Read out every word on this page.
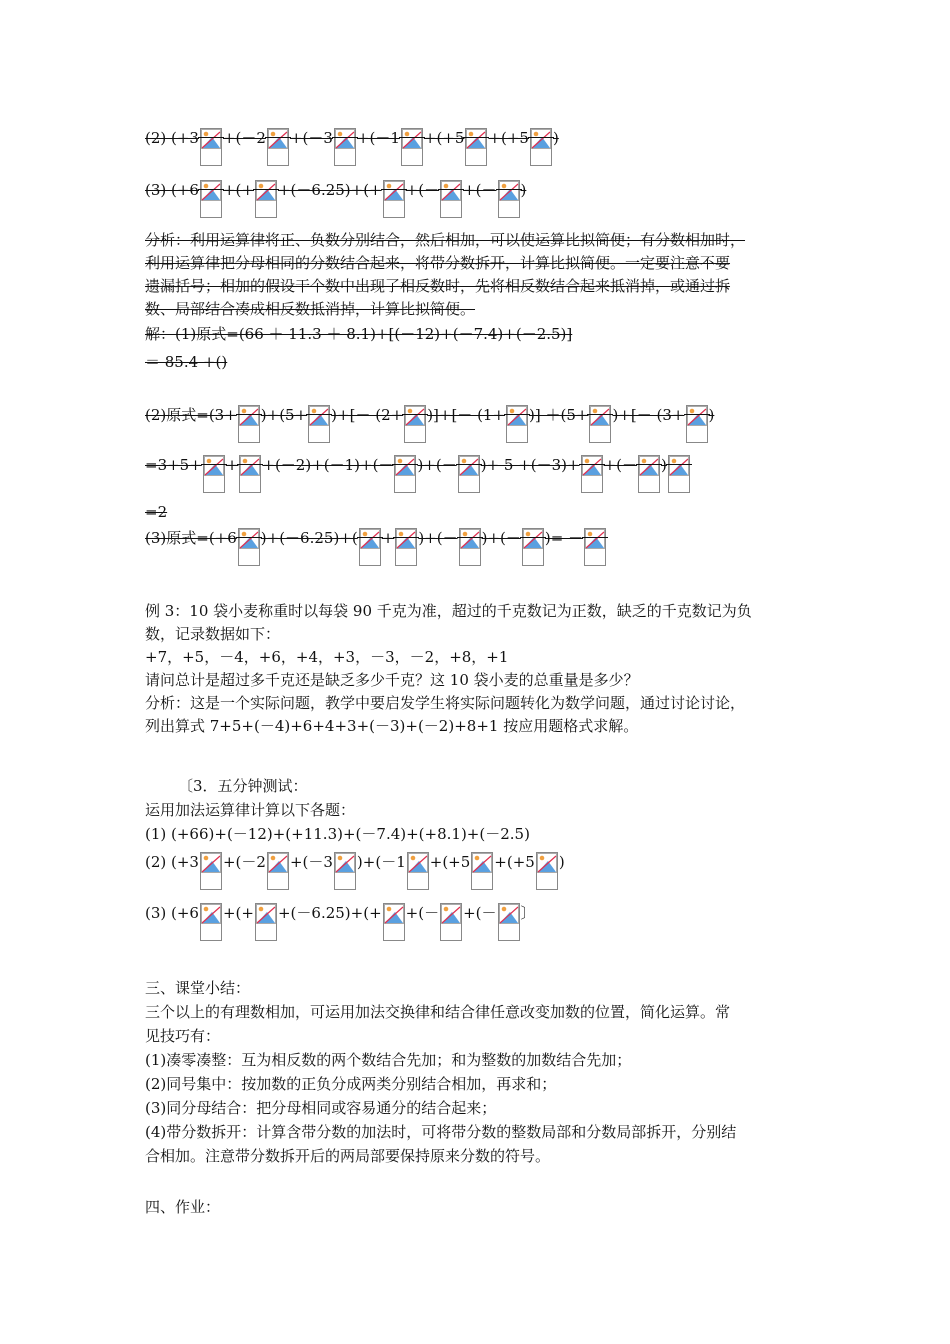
(2) (+3 +(－2 +(－3 +(－1 +(+5 +(+5 )
(3) (+6 +(+ +(－6.25)+(+ +(－ +(－ )
分析：利用运算律将正、负数分别结合，然后相加，可以使运算比拟简便；有分数相加时，
利用运算律把分母相同的分数结合起来，将带分数拆开，计算比拟简便。一定要注意不要
遗漏括号；相加的假设干个数中出现了相反数时，先将相反数结合起来抵消掉，或通过拆
数、局部结合凑成相反数抵消掉，计算比拟简便。
解：(1)原式=(66 ＋ 11.3 ＋ 8.1)+[(－12)+(－7.4)+(－2.5)]
＝ 85.4 +()
(2)原式=(3+ )+(5+ )+[－ (2+ )]+[－ (1+ )] ＋(5+ )+[－ (3+ )
=3+5+ + +(－2)+(－1)+(－ )+(－ )+ 5 +(－3)+ +(－ )
=2
(3)原式=(+6 )+(－6.25)+( + )+(－ )+(－ )= －
例 3：10 袋小麦称重时以每袋 90 千克为准，超过的千克数记为正数，缺乏的千克数记为负
数，记录数据如下：
+7，+5，－4，+6，+4，+3，－3，－2，+8，+1
请问总计是超过多千克还是缺乏多少千克？这 10 袋小麦的总重量是多少？
分析：这是一个实际问题，教学中要启发学生将实际问题转化为数学问题，通过讨论讨论，
列出算式 7+5+(－4)+6+4+3+(－3)+(－2)+8+1 按应用题格式求解。
〔3．五分钟测试：
运用加法运算律计算以下各题：
(1) (+66)+(－12)+(+11.3)+(－7.4)+(+8.1)+(－2.5)
(2) (+3 +(－2 +(－3 )+(－1 +(+5 +(+5 )
(3) (+6 +(+ +(－6.25)+(+ +(－ +(－ 〕
三、课堂小结：
三个以上的有理数相加，可运用加法交换律和结合律任意改变加数的位置，简化运算。常
见技巧有：
(1)凑零凑整：互为相反数的两个数结合先加；和为整数的加数结合先加；
(2)同号集中：按加数的正负分成两类分别结合相加，再求和；
(3)同分母结合：把分母相同或容易通分的结合起来；
(4)带分数拆开：计算含带分数的加法时，可将带分数的整数局部和分数局部拆开，分别结
合相加。注意带分数拆开后的两局部要保持原来分数的符号。
四、作业：
